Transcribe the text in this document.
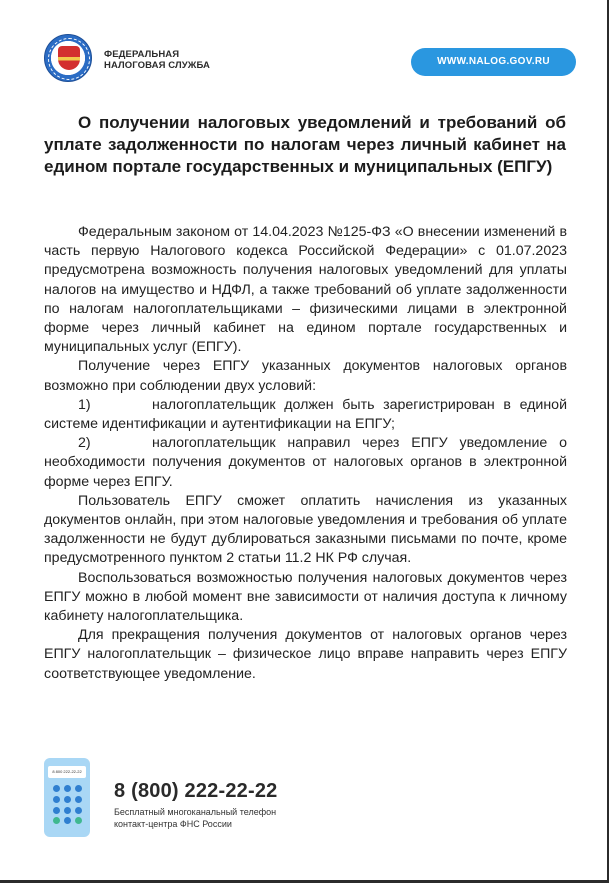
ФЕДЕРАЛЬНАЯ
НАЛОГОВАЯ СЛУЖБА	WWW.NALOG.GOV.RU
О получении налоговых уведомлений и требований об уплате задолженности по налогам через личный кабинет на едином портале государственных и муниципальных (ЕПГУ)

Федеральным законом от 14.04.2023 №125-ФЗ «О внесении изменений в часть первую Налогового кодекса Российской Федерации» с 01.07.2023 предусмотрена возможность получения налоговых уведомлений для уплаты налогов на имущество и НДФЛ, а также требований об уплате задолженности по налогам налогоплательщиками – физическими лицами в электронной форме через личный кабинет на едином портале государственных и муниципальных услуг (ЕПГУ).

Получение через ЕПГУ указанных документов налоговых органов возможно при соблюдении двух условий:

1)	налогоплательщик должен быть зарегистрирован в единой системе идентификации и аутентификации на ЕПГУ;

2)	налогоплательщик направил через ЕПГУ уведомление о необходимости получения документов от налоговых органов в электронной форме через ЕПГУ.

Пользователь ЕПГУ сможет оплатить начисления из указанных документов онлайн, при этом налоговые уведомления и требования об уплате задолженности не будут дублироваться заказными письмами по почте, кроме предусмотренного пунктом 2 статьи 11.2 НК РФ случая.

Воспользоваться возможностью получения налоговых документов через ЕПГУ можно в любой момент вне зависимости от наличия доступа к личному кабинету налогоплательщика.

Для прекращения получения документов от налоговых органов через ЕПГУ налогоплательщик – физическое лицо вправе направить через ЕПГУ соответствующее уведомление.

8 800 222-22-22
8 (800) 222-22-22
Бесплатный многоканальный телефон
контакт-центра ФНС России
